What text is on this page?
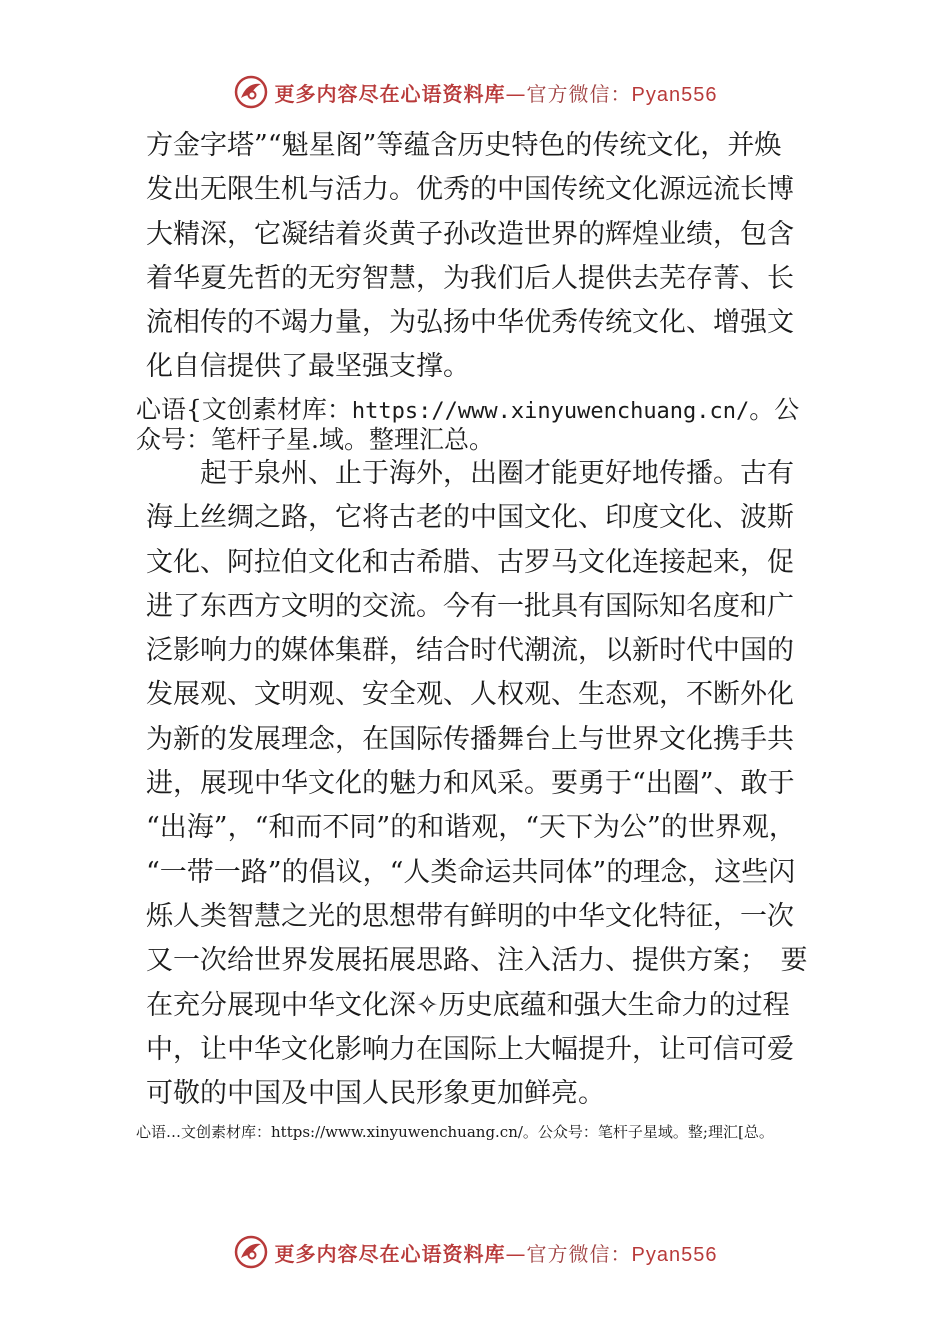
更多内容尽在心语资料库—官方微信：Pyan556
方金字塔”“魁星阁”等蕴含历史特色的传统文化，并焕
发出无限生机与活力。优秀的中国传统文化源远流长博
大精深，它凝结着炎黄子孙改造世界的辉煌业绩，包含
着华夏先哲的无穷智慧，为我们后人提供去芜存菁、长
流相传的不竭力量，为弘扬中华优秀传统文化、增强文
化自信提供了最坚强支撑。
心语{文创素材库：https://www.xinyuwenchuang.cn/。公
众号：笔杆子星.域。整理汇总。
　　起于泉州、止于海外，出圈才能更好地传播。古有
海上丝绸之路，它将古老的中国文化、印度文化、波斯
文化、阿拉伯文化和古希腊、古罗马文化连接起来，促
进了东西方文明的交流。今有一批具有国际知名度和广
泛影响力的媒体集群，结合时代潮流，以新时代中国的
发展观、文明观、安全观、人权观、生态观，不断外化
为新的发展理念，在国际传播舞台上与世界文化携手共
进，展现中华文化的魅力和风采。要勇于“出圈”、敢于
“出海”，“和而不同”的和谐观，“天下为公”的世界观，
“一带一路”的倡议，“人类命运共同体”的理念，这些闪
烁人类智慧之光的思想带有鲜明的中华文化特征，一次
又一次给世界发展拓展思路、注入活力、提供方案；　要
在充分展现中华文化深✧历史底蕴和强大生命力的过程
中，让中华文化影响力在国际上大幅提升，让可信可爱
可敬的中国及中国人民形象更加鲜亮。
心语…文创素材库：https://www.xinyuwenchuang.cn/。公众号：笔杆子星域。整;理汇[总。
更多内容尽在心语资料库—官方微信：Pyan556
